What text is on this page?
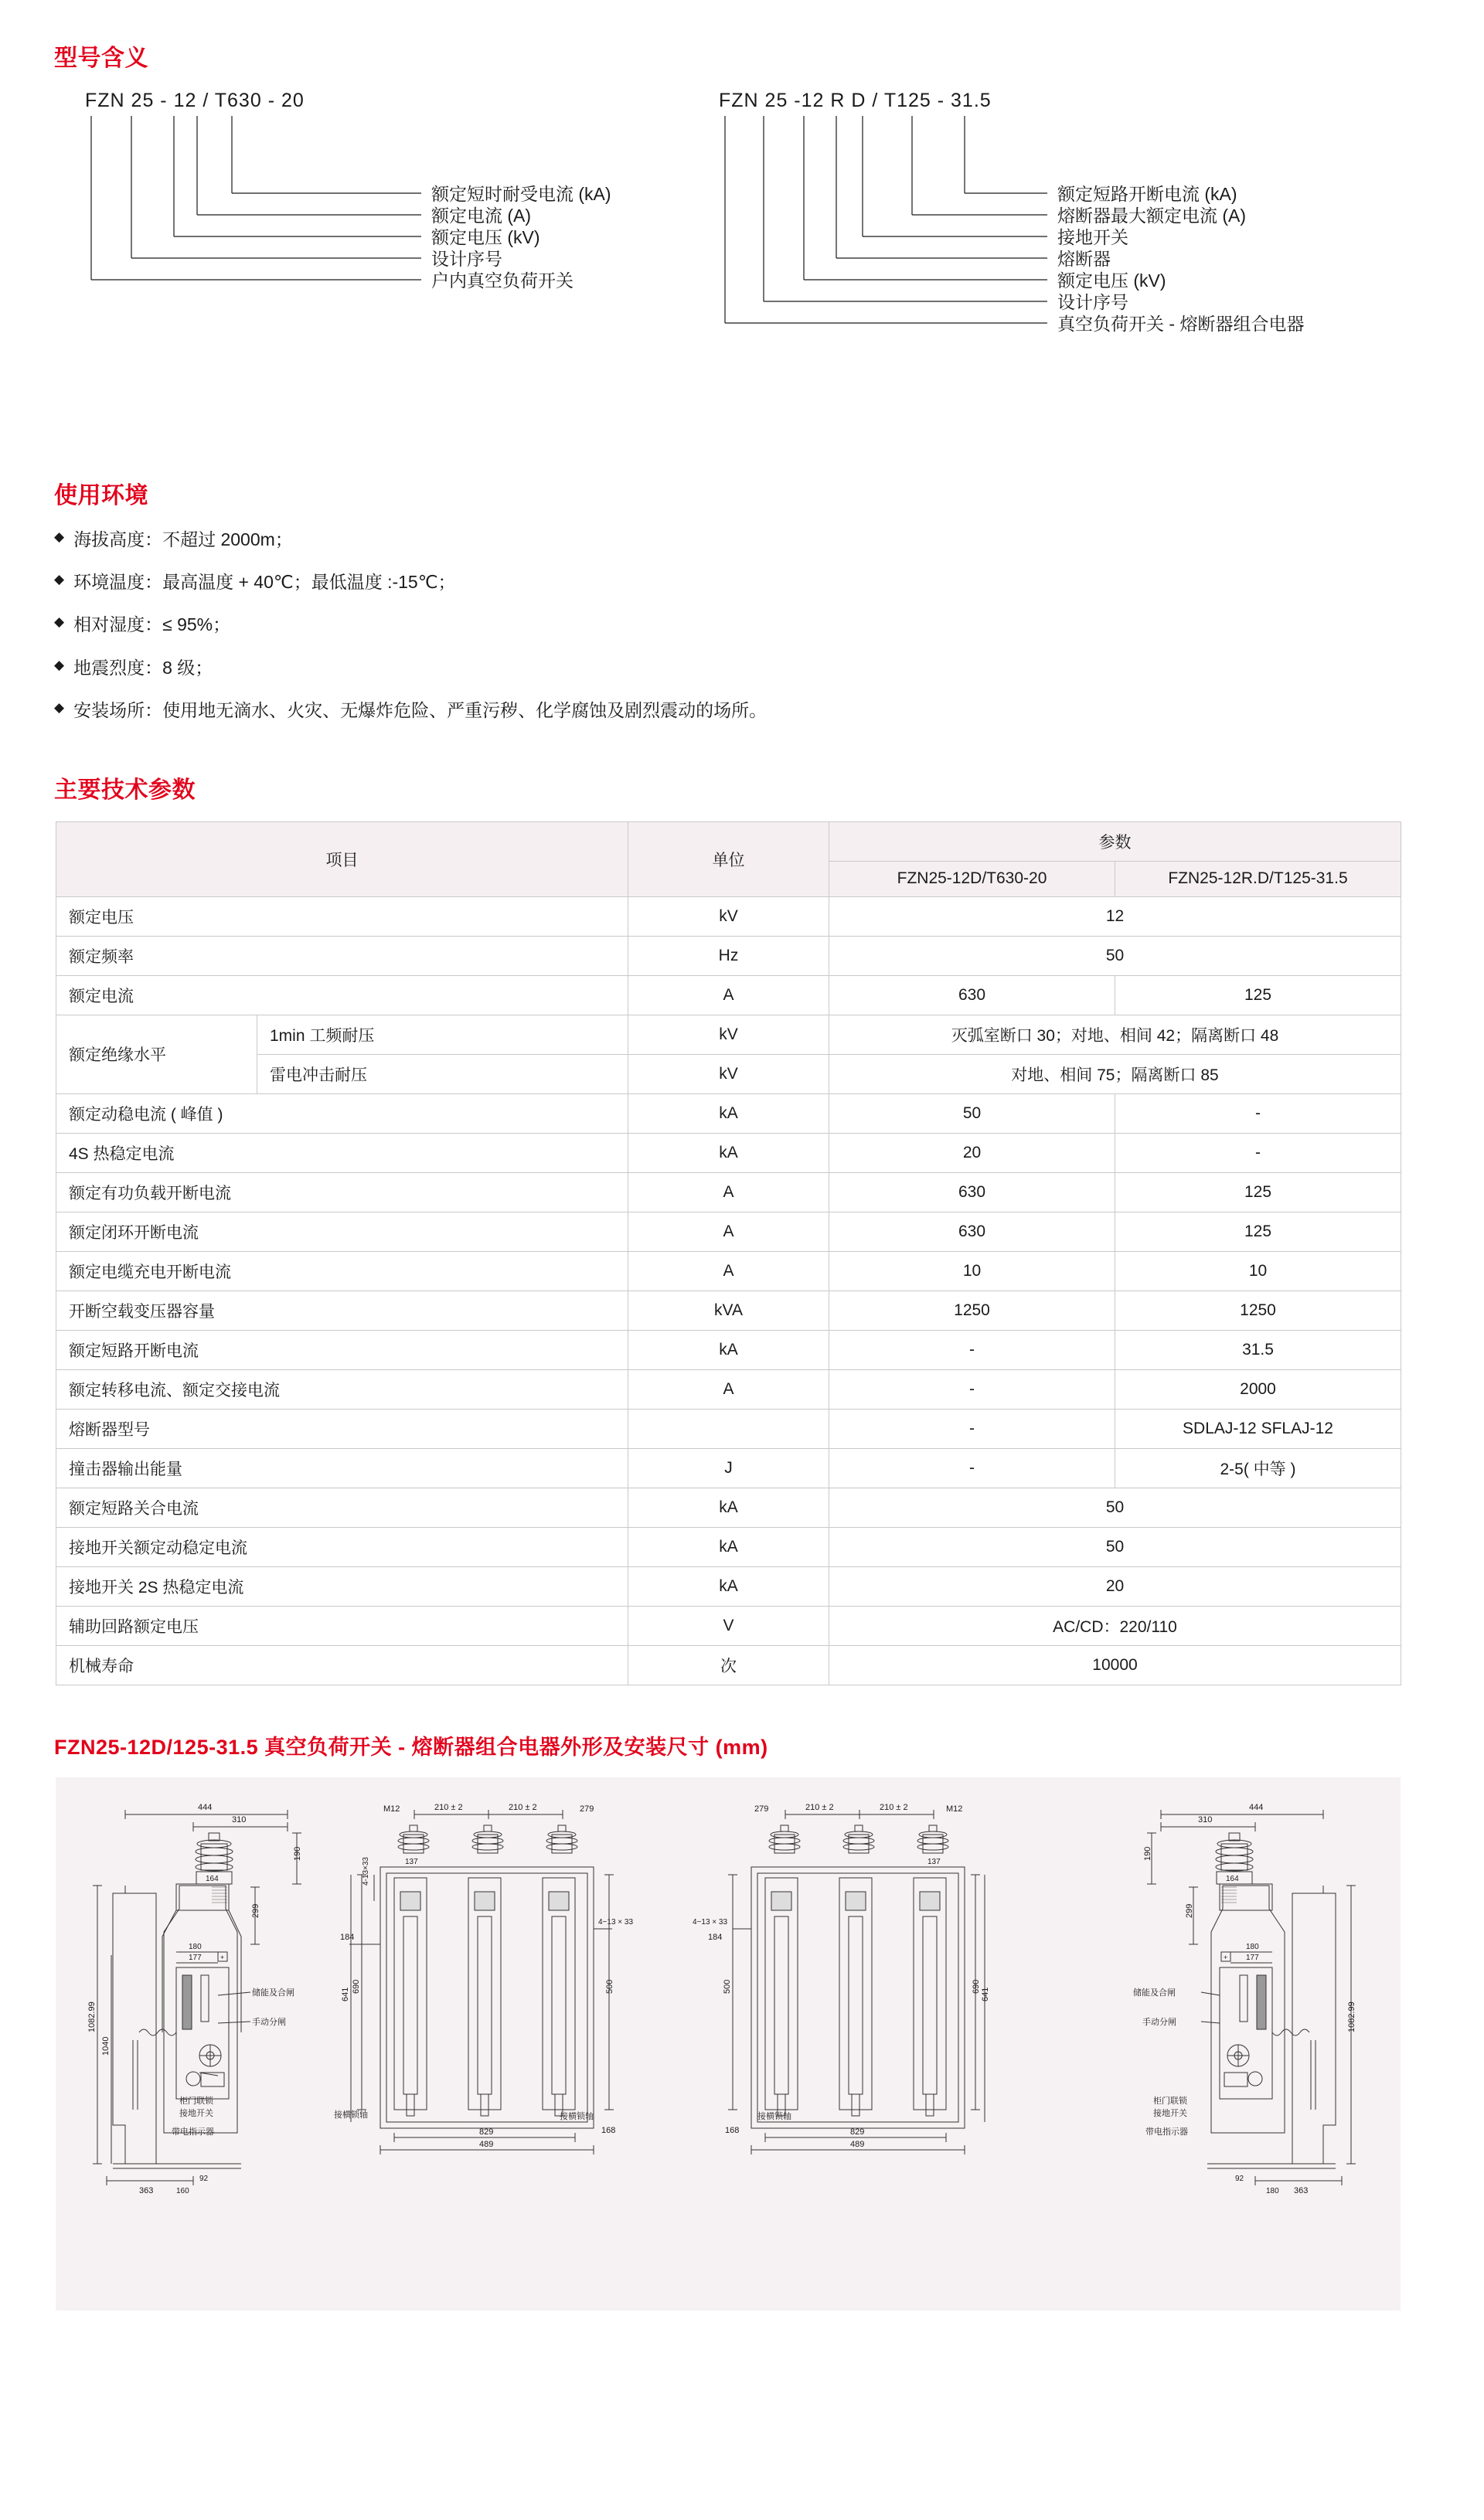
型号含义
FZN 25 - 12 / T630 - 20
额定短时耐受电流 (kA)
额定电流 (A)
额定电压 (kV)
设计序号
户内真空负荷开关
FZN 25 -12 R D / T125 - 31.5
额定短路开断电流 (kA)
熔断器最大额定电流 (A)
接地开关
熔断器
额定电压 (kV)
设计序号
真空负荷开关 - 熔断器组合电器
使用环境
◆ 海拔高度：不超过 2000m；
◆ 环境温度：最高温度 + 40℃；最低温度 :-15℃；
◆ 相对湿度：≤ 95%；
◆ 地震烈度：8 级；
◆ 安装场所：使用地无滴水、火灾、无爆炸危险、严重污秽、化学腐蚀及剧烈震动的场所。
主要技术参数
项目		单位	参数	
			FZN25-12D/T630-20	FZN25-12R.D/T125-31.5
额定电压		kV	12	
额定频率		Hz	50	
额定电流		A	630	125
额定绝缘水平	1min 工频耐压	kV	灭弧室断口 30；对地、相间 42；隔离断口 48	
	雷电冲击耐压	kV	对地、相间 75；隔离断口 85	
额定动稳电流 ( 峰值 )		kA	50	-
4S 热稳定电流		kA	20	-
额定有功负载开断电流		A	630	125
额定闭环开断电流		A	630	125
额定电缆充电开断电流		A	10	10
开断空载变压器容量		kVA	1250	1250
额定短路开断电流		kA	-	31.5
额定转移电流、额定交接电流		A	-	2000
熔断器型号			-	SDLAJ-12 SFLAJ-12
撞击器输出能量		J	-	2-5( 中等 )
额定短路关合电流		kA	50	
接地开关额定动稳定电流		kA	50	
接地开关 2S 热稳定电流		kA	20	
辅助回路额定电压		V	AC/CD：220/110	
机械寿命		次	10000	
FZN25-12D/125-31.5 真空负荷开关 - 熔断器组合电器外形及安装尺寸 (mm)
444
310
164
190
299
180
177	+
1082.99
1040
储能及合闸
手动分闸
柜门联锁
接地开关
带电指示器
363
92
160
M12	210 ± 2	210 ± 2	279
137
4-13×33
690
184
641
4−13 × 33
500
829
489
168
接横锁轴	接横锁轴
279	210 ± 2	210 ± 2	M12
137
4−13 × 33
500
184
690
641
829
489
168
接横锁轴
310
444
164
190
299
180
177
+
1082.99
储能及合闸
手动分闸
柜门联锁
接地开关
带电指示器
363
92
180
